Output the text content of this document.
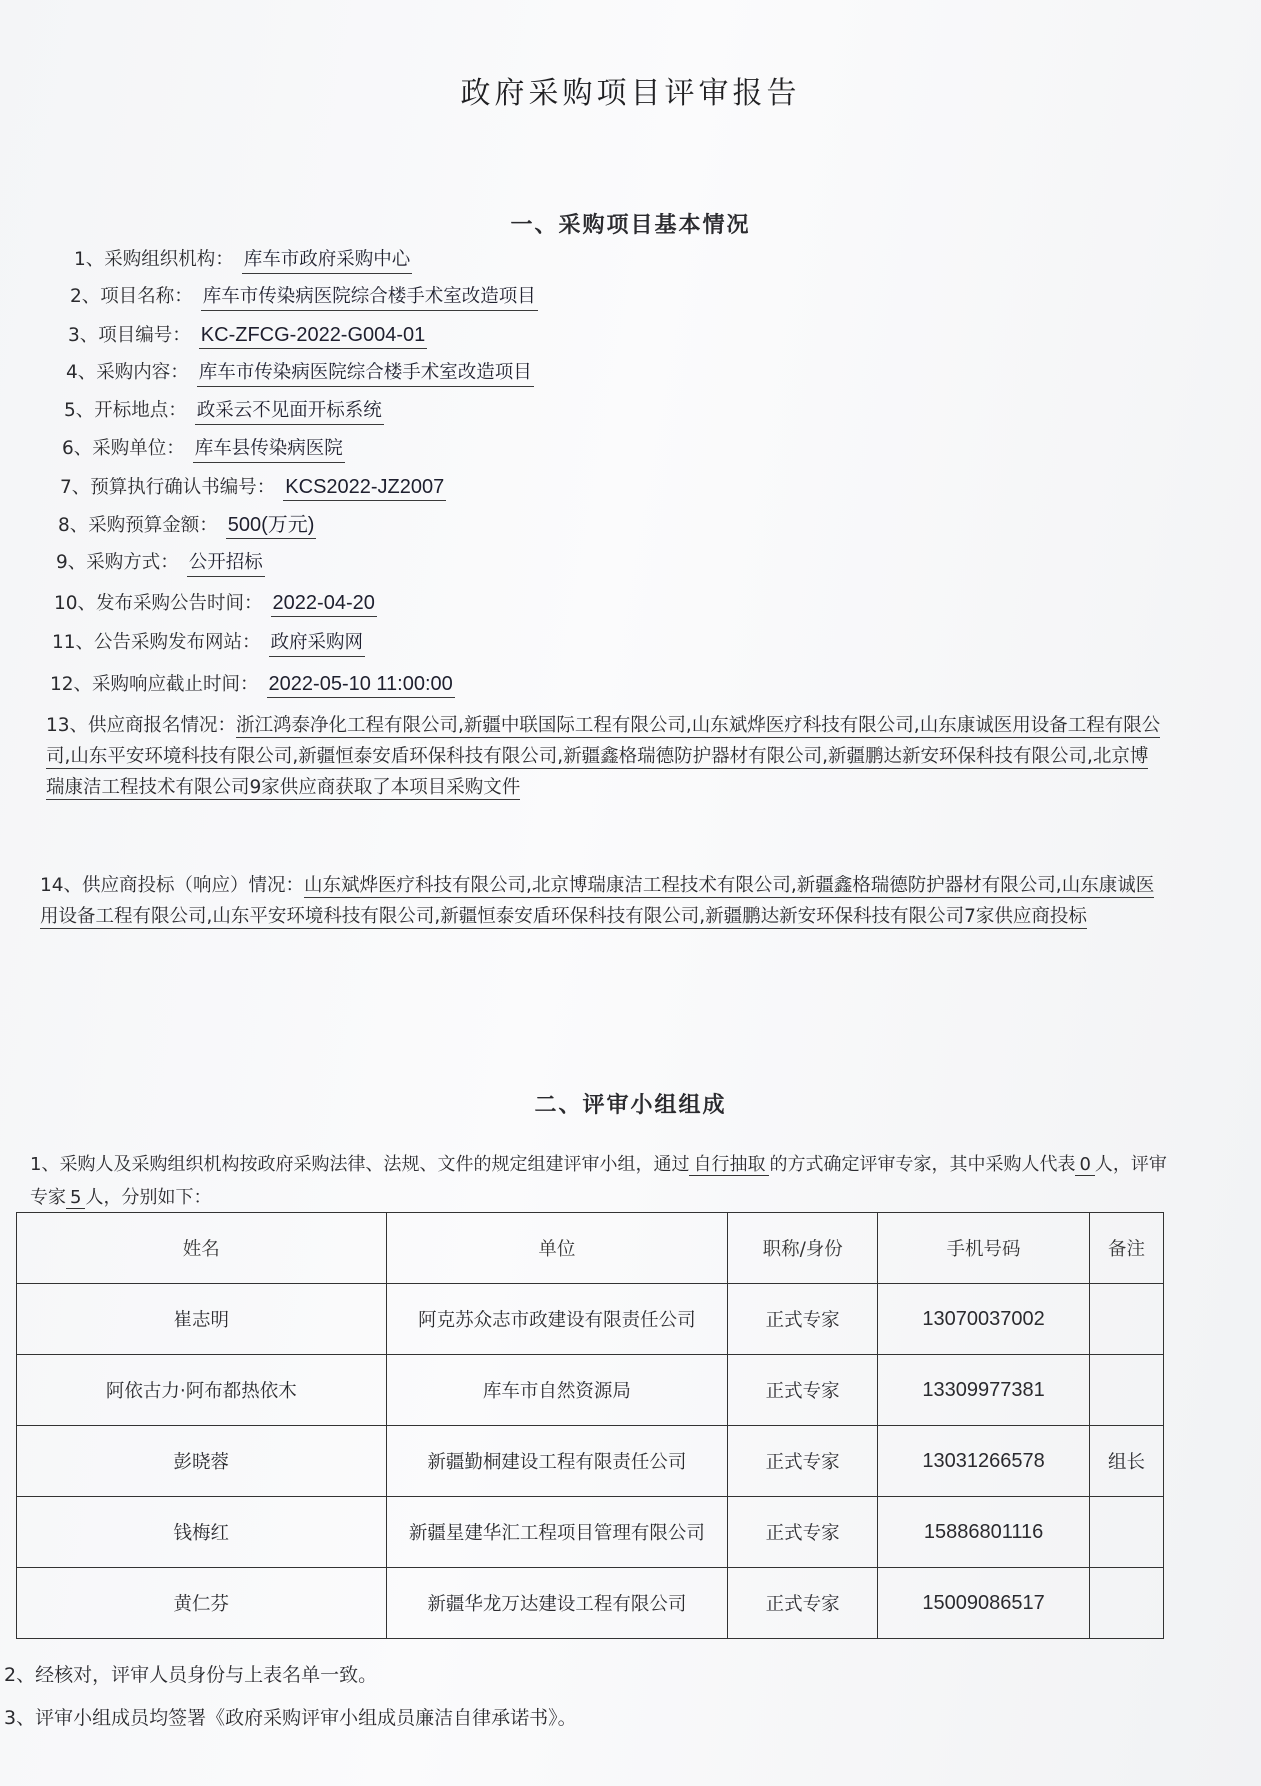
政府采购项目评审报告
一、采购项目基本情况
1、采购组织机构： 库车市政府采购中心
2、项目名称： 库车市传染病医院综合楼手术室改造项目
3、项目编号： KC-ZFCG-2022-G004-01
4、采购内容： 库车市传染病医院综合楼手术室改造项目
5、开标地点： 政采云不见面开标系统
6、采购单位： 库车县传染病医院
7、预算执行确认书编号： KCS2022-JZ2007
8、采购预算金额： 500(万元)
9、采购方式： 公开招标
10、发布采购公告时间： 2022-04-20
11、公告采购发布网站： 政府采购网
12、采购响应截止时间： 2022-05-10 11:00:00
13、供应商报名情况：浙江鸿泰净化工程有限公司,新疆中联国际工程有限公司,山东斌烨医疗科技有限公司,山东康诚医用设备工程有限公司,山东平安环境科技有限公司,新疆恒泰安盾环保科技有限公司,新疆鑫格瑞德防护器材有限公司,新疆鹏达新安环保科技有限公司,北京博瑞康洁工程技术有限公司9家供应商获取了本项目采购文件
14、供应商投标（响应）情况：山东斌烨医疗科技有限公司,北京博瑞康洁工程技术有限公司,新疆鑫格瑞德防护器材有限公司,山东康诚医用设备工程有限公司,山东平安环境科技有限公司,新疆恒泰安盾环保科技有限公司,新疆鹏达新安环保科技有限公司7家供应商投标
二、评审小组组成
1、采购人及采购组织机构按政府采购法律、法规、文件的规定组建评审小组，通过 自行抽取 的方式确定评审专家，其中采购人代表 0 人，评审专家 5 人，分别如下：
姓名	单位	职称/身份	手机号码	备注
崔志明	阿克苏众志市政建设有限责任公司	正式专家	13070037002	
阿依古力·阿布都热依木	库车市自然资源局	正式专家	13309977381	
彭晓蓉	新疆勤桐建设工程有限责任公司	正式专家	13031266578	组长
钱梅红	新疆星建华汇工程项目管理有限公司	正式专家	15886801116	
黄仁芬	新疆华龙万达建设工程有限公司	正式专家	15009086517	
2、经核对，评审人员身份与上表名单一致。
3、评审小组成员均签署《政府采购评审小组成员廉洁自律承诺书》。
